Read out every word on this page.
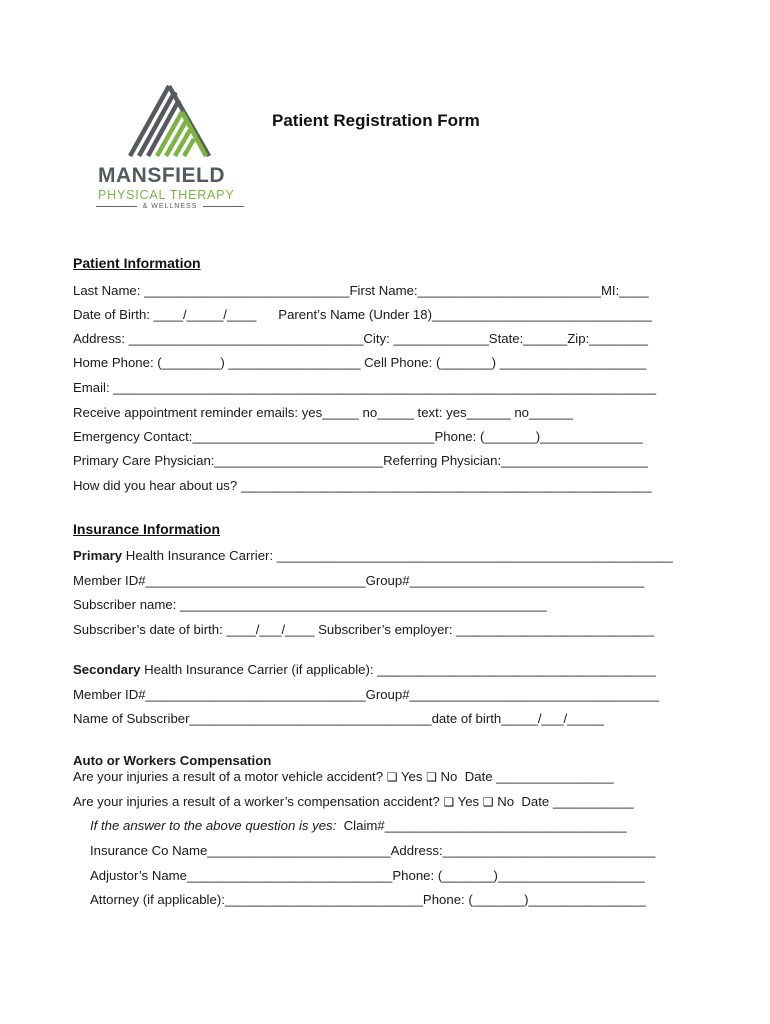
MANSFIELD
PHYSICAL THERAPY
& WELLNESS
Patient Registration Form
Patient Information
Last Name: ____________________________First Name:_________________________MI:____
Date of Birth: ____/_____/____      Parent’s Name (Under 18)______________________________
Address: ________________________________City: _____________State:______Zip:________
Home Phone: (________) __________________ Cell Phone: (_______) ____________________
Email: __________________________________________________________________________
Receive appointment reminder emails: yes_____ no_____ text: yes______ no______
Emergency Contact:_________________________________Phone: (_______)______________
Primary Care Physician:_______________________Referring Physician:____________________
How did you hear about us? ________________________________________________________
Insurance Information
Primary Health Insurance Carrier: ______________________________________________________
Member ID#______________________________Group#________________________________
Subscriber name: __________________________________________________
Subscriber’s date of birth: ____/___/____ Subscriber’s employer: ___________________________
Secondary Health Insurance Carrier (if applicable): ______________________________________
Member ID#______________________________Group#__________________________________
Name of Subscriber_________________________________date of birth_____/___/_____
Auto or Workers Compensation
Are your injuries a result of a motor vehicle accident? ❑ Yes ❑ No  Date ________________
Are your injuries a result of a worker’s compensation accident? ❑ Yes ❑ No  Date ___________
If the answer to the above question is yes:  Claim#_________________________________
Insurance Co Name_________________________Address:_____________________________
Adjustor’s Name____________________________Phone: (_______)____________________
Attorney (if applicable):___________________________Phone: (_______)________________
